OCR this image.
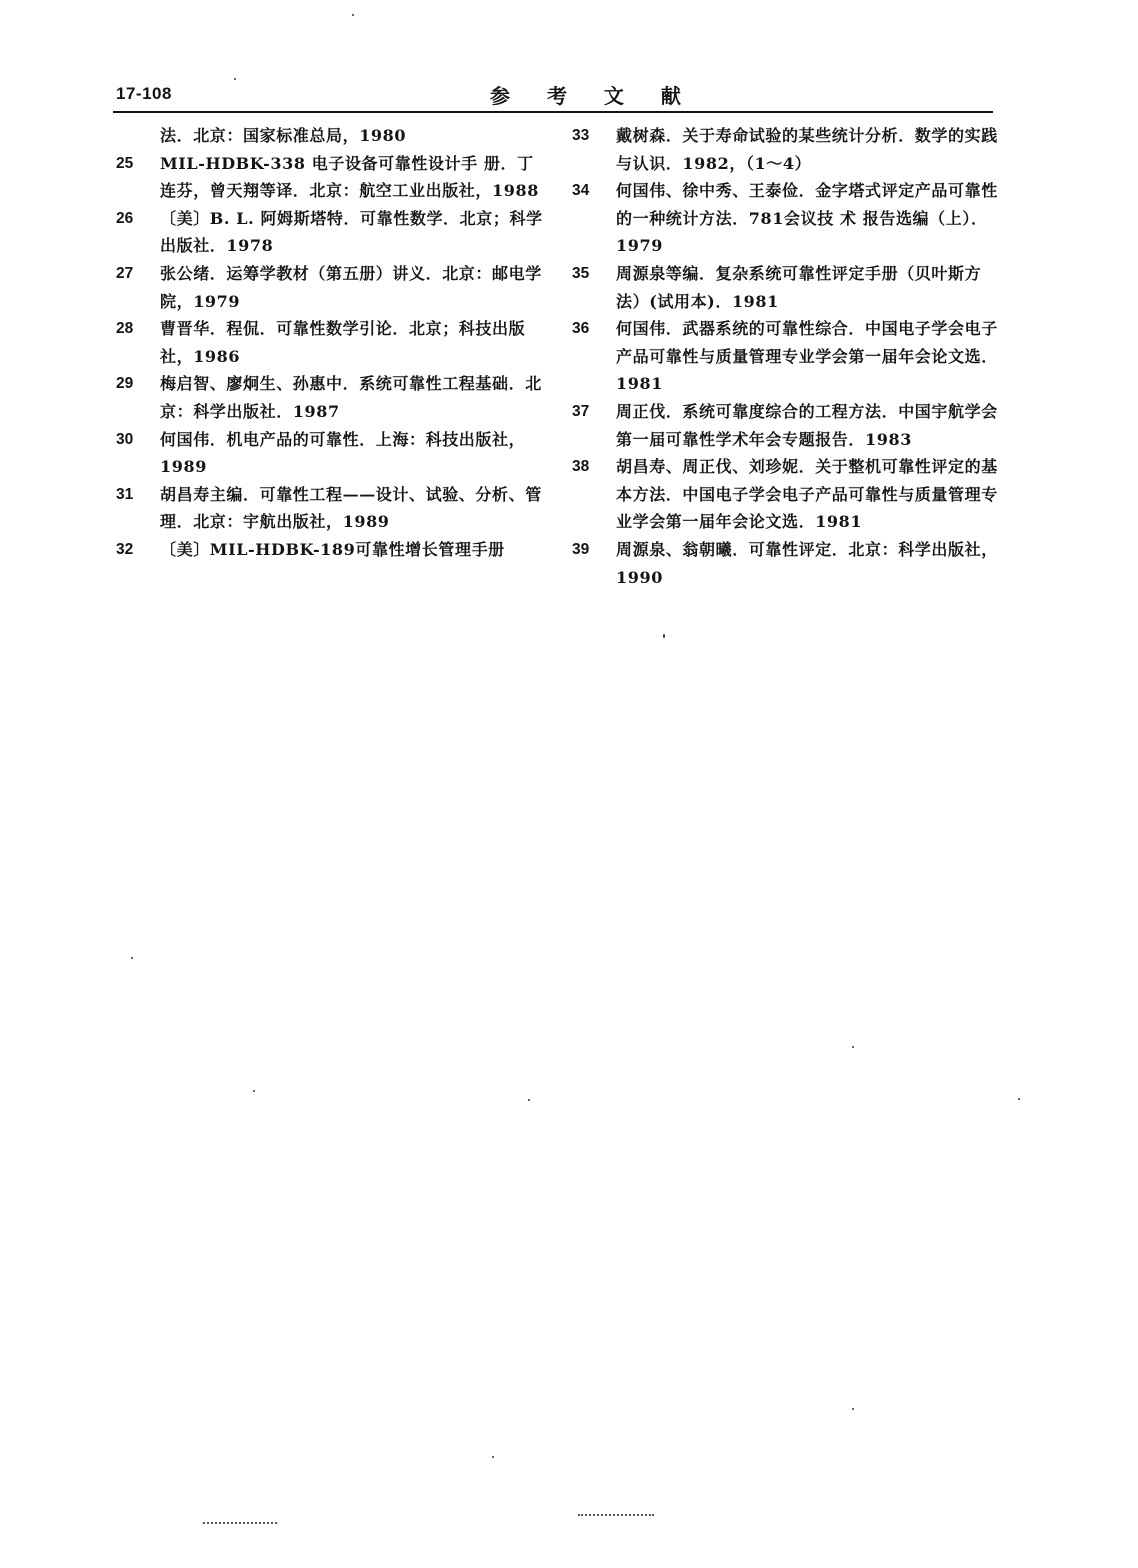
17-108	参 考 文 献
法．北京：国家标准总局，1980
25	MIL-HDBK-338 电子设备可靠性设计手 册．丁连芬，曾天翔等译．北京：航空工业出版社，1988
26	〔美〕B. L. 阿姆斯塔特．可靠性数学．北京；科学出版社．1978
27	张公绪．运筹学教材（第五册）讲义．北京：邮电学院，1979
28	曹晋华．程侃．可靠性数学引论．北京；科技出版社，1986
29	梅启智、廖炯生、孙惠中．系统可靠性工程基础．北京：科学出版社．1987
30	何国伟．机电产品的可靠性．上海：科技出版社，1989
31	胡昌寿主编．可靠性工程——设计、试验、分析、管理．北京：宇航出版社，1989
32	〔美〕MIL-HDBK-189可靠性增长管理手册
33	戴树森．关于寿命试验的某些统计分析．数学的实践与认识．1982，（1～4）
34	何国伟、徐中秀、王泰俭．金字塔式评定产品可靠性的一种统计方法．781会议技 术 报告选编（上）．1979
35	周源泉等编．复杂系统可靠性评定手册（贝叶斯方法）(试用本)．1981
36	何国伟．武器系统的可靠性综合．中国电子学会电子产品可靠性与质量管理专业学会第一届年会论文选．1981
37	周正伐．系统可靠度综合的工程方法．中国宇航学会第一届可靠性学术年会专题报告．1983
38	胡昌寿、周正伐、刘珍妮．关于整机可靠性评定的基本方法．中国电子学会电子产品可靠性与质量管理专业学会第一届年会论文选．1981
39	周源泉、翁朝曦．可靠性评定．北京：科学出版社，1990
